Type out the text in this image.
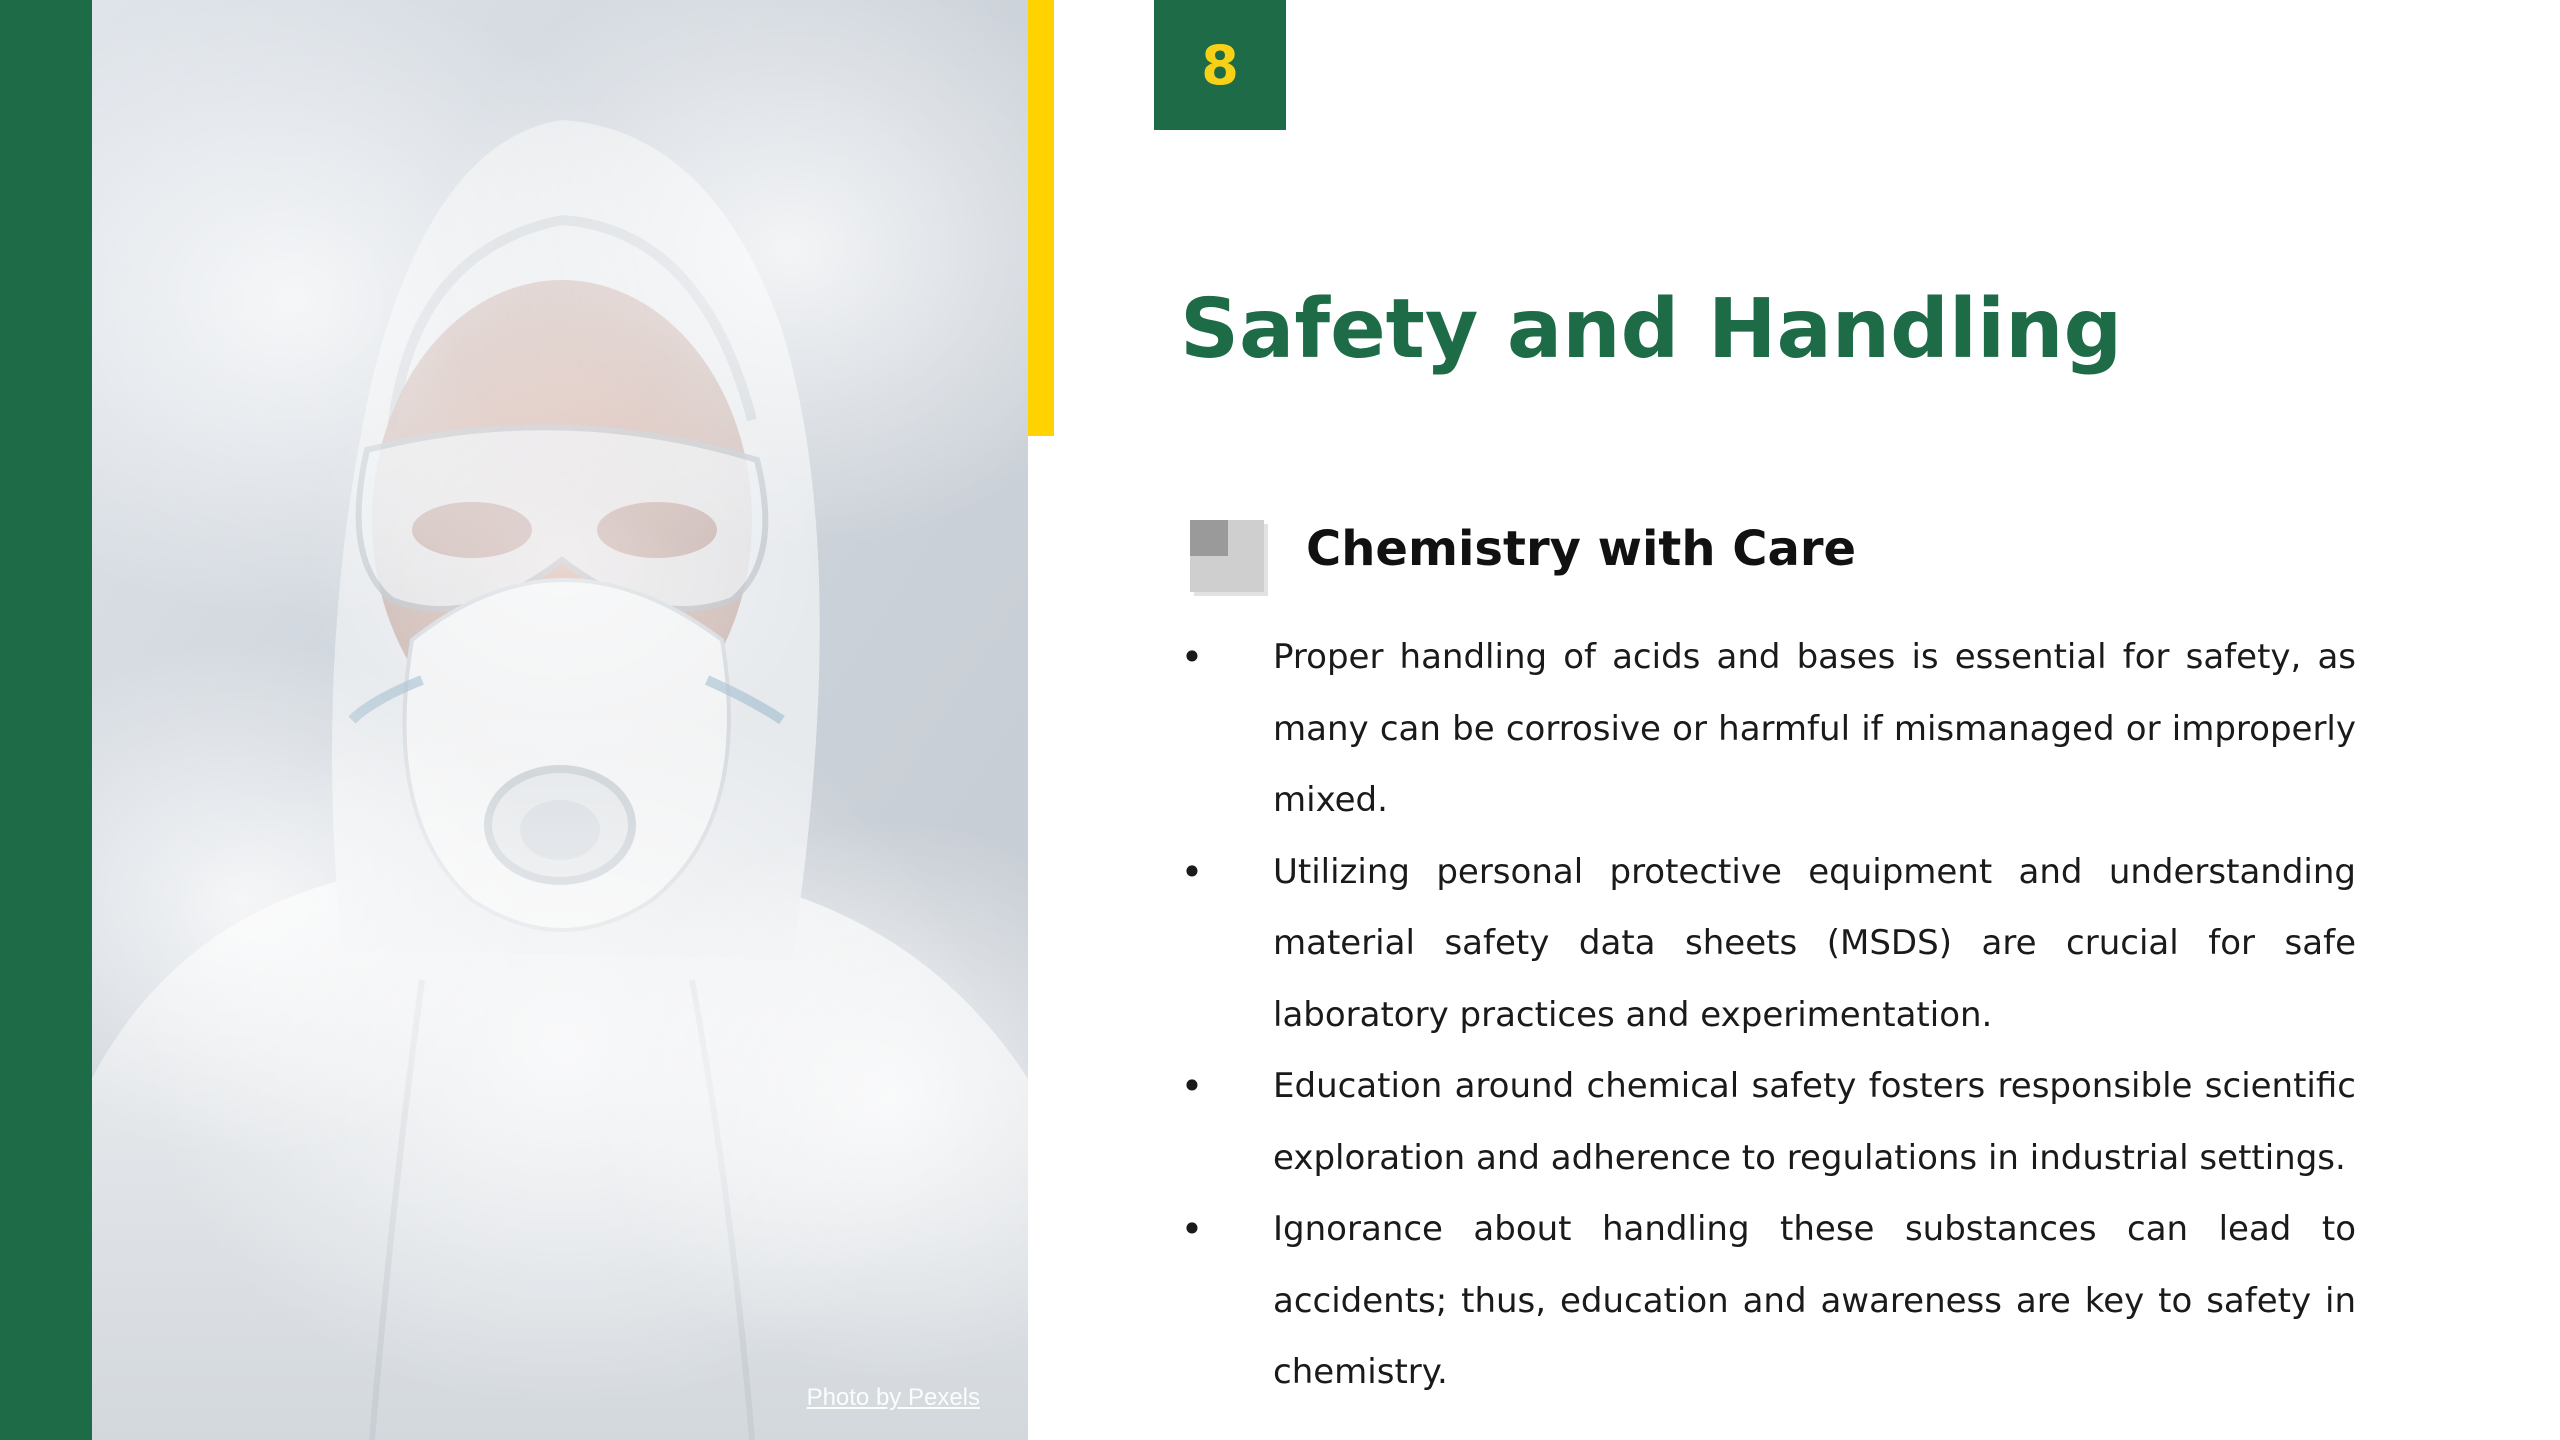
Photo by Pexels
8
Safety and Handling
Chemistry with Care
• Proper handling of acids and bases is essential for safety, as many can be corrosive or harmful if mismanaged or improperly mixed.
• Utilizing personal protective equipment and understanding material safety data sheets (MSDS) are crucial for safe laboratory practices and experimentation.
• Education around chemical safety fosters responsible scientific exploration and adherence to regulations in industrial settings.
• Ignorance about handling these substances can lead to accidents; thus, education and awareness are key to safety in chemistry.
